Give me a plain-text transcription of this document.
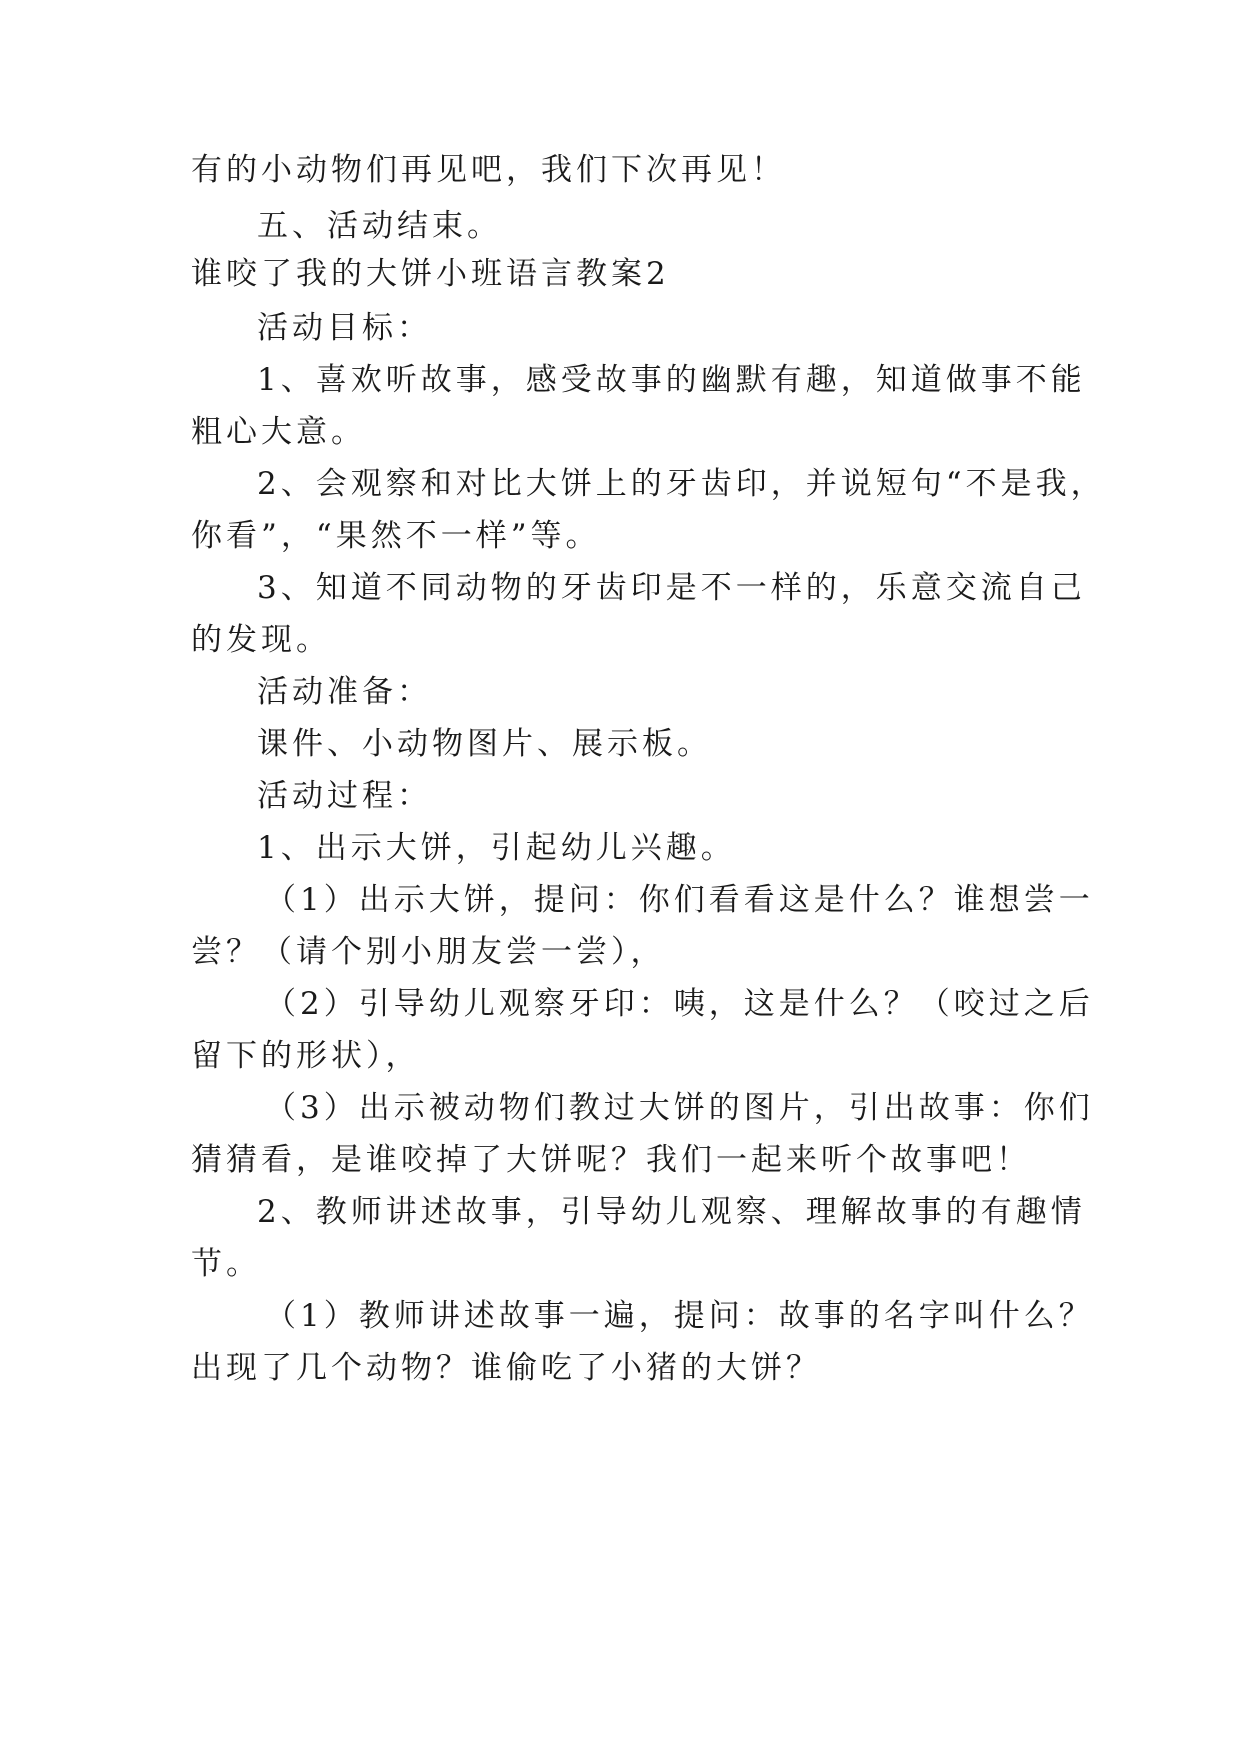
有的小动物们再见吧，我们下次再见！
五、活动结束。
谁咬了我的大饼小班语言教案2
活动目标：
1、喜欢听故事，感受故事的幽默有趣，知道做事不能
粗心大意。
2、会观察和对比大饼上的牙齿印，并说短句“不是我，
你看”，“果然不一样”等。
3、知道不同动物的牙齿印是不一样的，乐意交流自己
的发现。
活动准备：
课件、小动物图片、展示板。
活动过程：
1、出示大饼，引起幼儿兴趣。
（1）出示大饼，提问：你们看看这是什么？谁想尝一
尝？（请个别小朋友尝一尝），
（2）引导幼儿观察牙印：咦，这是什么？（咬过之后
留下的形状），
（3）出示被动物们教过大饼的图片，引出故事：你们
猜猜看，是谁咬掉了大饼呢？我们一起来听个故事吧！
2、教师讲述故事，引导幼儿观察、理解故事的有趣情
节。
（1）教师讲述故事一遍，提问：故事的名字叫什么？
出现了几个动物？谁偷吃了小猪的大饼？
